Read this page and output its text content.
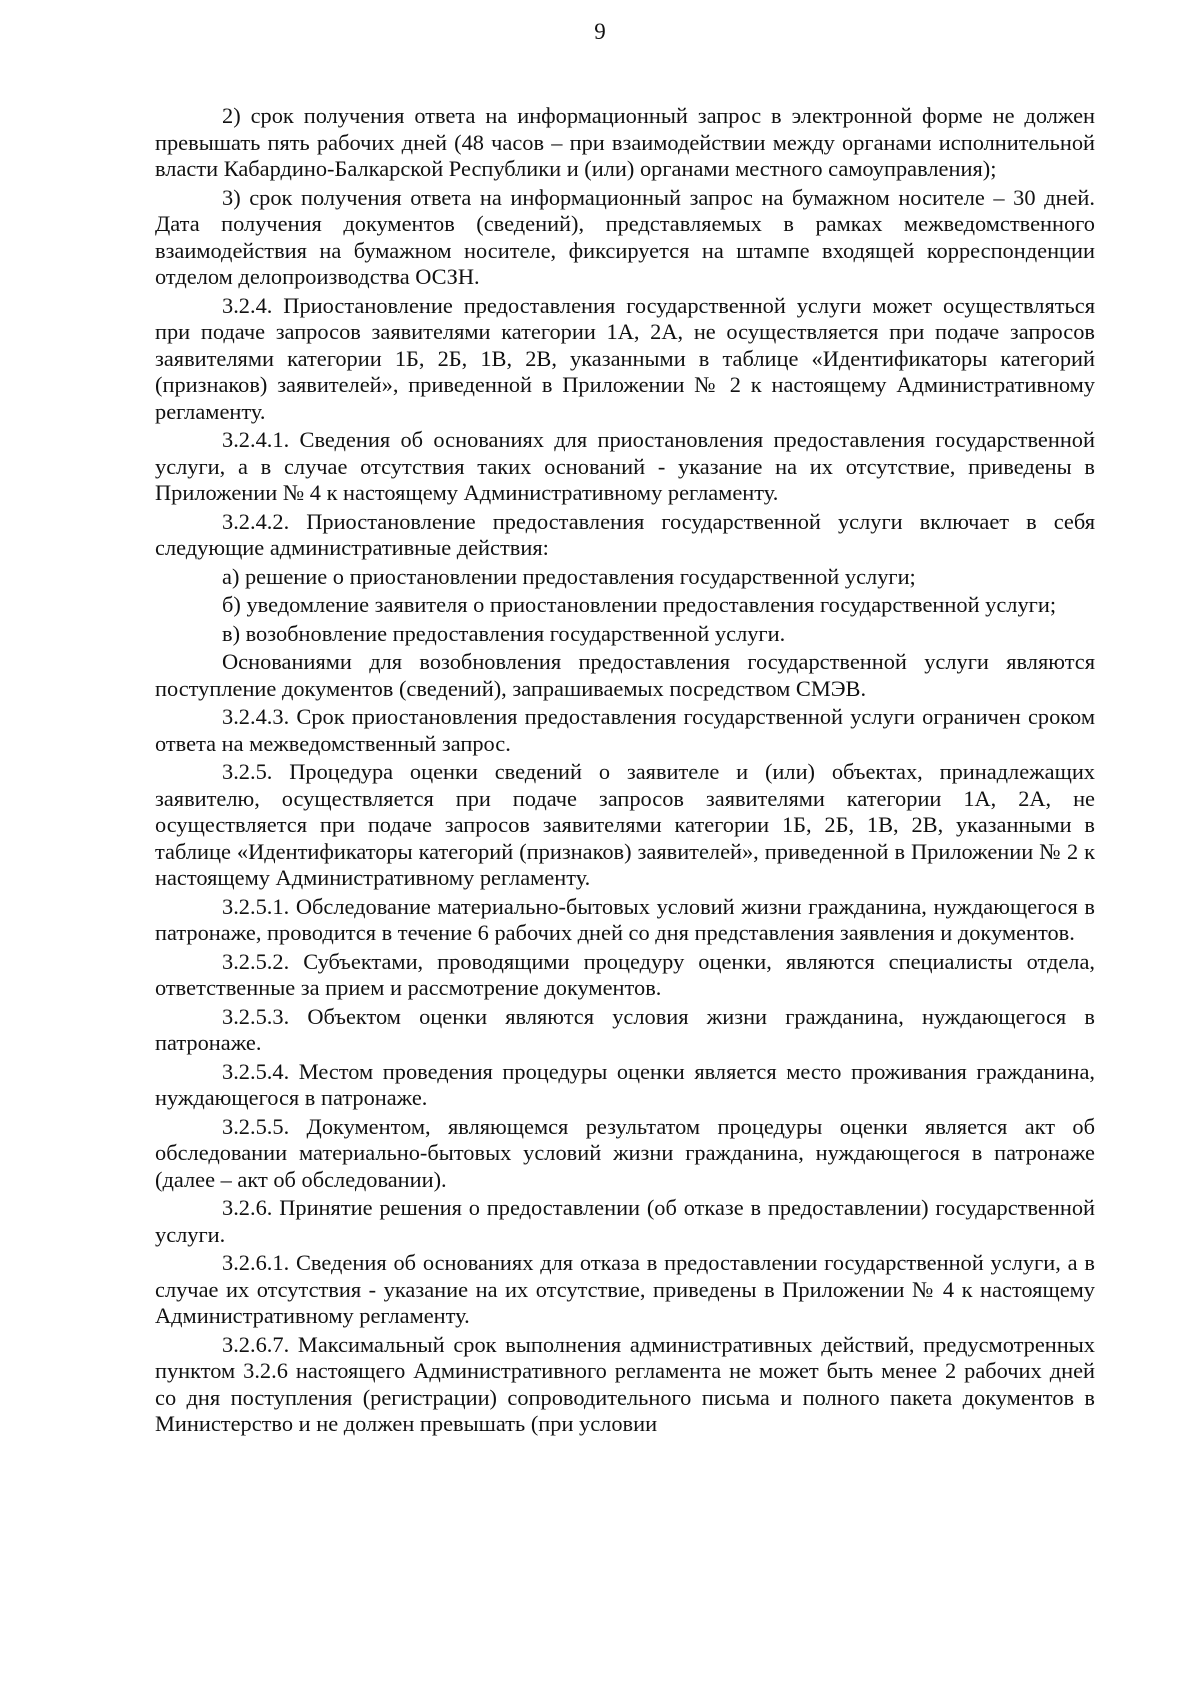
9

2) срок получения ответа на информационный запрос в электронной форме не должен превышать пять рабочих дней (48 часов – при взаимодействии между органами исполнительной власти Кабардино-Балкарской Республики и (или) органами местного самоуправления);

3) срок получения ответа на информационный запрос на бумажном носителе – 30 дней. Дата получения документов (сведений), представляемых в рамках межведомственного взаимодействия на бумажном носителе, фиксируется на штампе входящей корреспонденции отделом делопроизводства ОСЗН.

3.2.4. Приостановление предоставления государственной услуги может осуществляться при подаче запросов заявителями категории 1А, 2А, не осуществляется при подаче запросов заявителями категории 1Б, 2Б, 1В, 2В, указанными в таблице «Идентификаторы категорий (признаков) заявителей», приведенной в Приложении № 2 к настоящему Административному регламенту.

3.2.4.1. Сведения об основаниях для приостановления предоставления государственной услуги, а в случае отсутствия таких оснований - указание на их отсутствие, приведены в Приложении № 4 к настоящему Административному регламенту.

3.2.4.2. Приостановление предоставления государственной услуги включает в себя следующие административные действия:

а) решение о приостановлении предоставления государственной услуги;

б) уведомление заявителя о приостановлении предоставления государственной услуги;

в) возобновление предоставления государственной услуги.

Основаниями для возобновления предоставления государственной услуги являются поступление документов (сведений), запрашиваемых посредством СМЭВ.

3.2.4.3. Срок приостановления предоставления государственной услуги ограничен сроком ответа на межведомственный запрос.

3.2.5. Процедура оценки сведений о заявителе и (или) объектах, принадлежащих заявителю, осуществляется при подаче запросов заявителями категории 1А, 2А, не осуществляется при подаче запросов заявителями категории 1Б, 2Б, 1В, 2В, указанными в таблице «Идентификаторы категорий (признаков) заявителей», приведенной в Приложении № 2 к настоящему Административному регламенту.

3.2.5.1. Обследование материально-бытовых условий жизни гражданина, нуждающегося в патронаже, проводится в течение 6 рабочих дней со дня представления заявления и документов.

3.2.5.2. Субъектами, проводящими процедуру оценки, являются специалисты отдела, ответственные за прием и рассмотрение документов.

3.2.5.3. Объектом оценки являются условия жизни гражданина, нуждающегося в патронаже.

3.2.5.4. Местом проведения процедуры оценки является место проживания гражданина, нуждающегося в патронаже.

3.2.5.5. Документом, являющемся результатом процедуры оценки является акт об обследовании материально-бытовых условий жизни гражданина, нуждающегося в патронаже (далее – акт об обследовании).

3.2.6. Принятие решения о предоставлении (об отказе в предоставлении) государственной услуги.

3.2.6.1. Сведения об основаниях для отказа в предоставлении государственной услуги, а в случае их отсутствия - указание на их отсутствие, приведены в Приложении № 4 к настоящему Административному регламенту.

3.2.6.7. Максимальный срок выполнения административных действий, предусмотренных пунктом 3.2.6 настоящего Административного регламента не может быть менее 2 рабочих дней со дня поступления (регистрации) сопроводительного письма и полного пакета документов в Министерство и не должен превышать (при условии
